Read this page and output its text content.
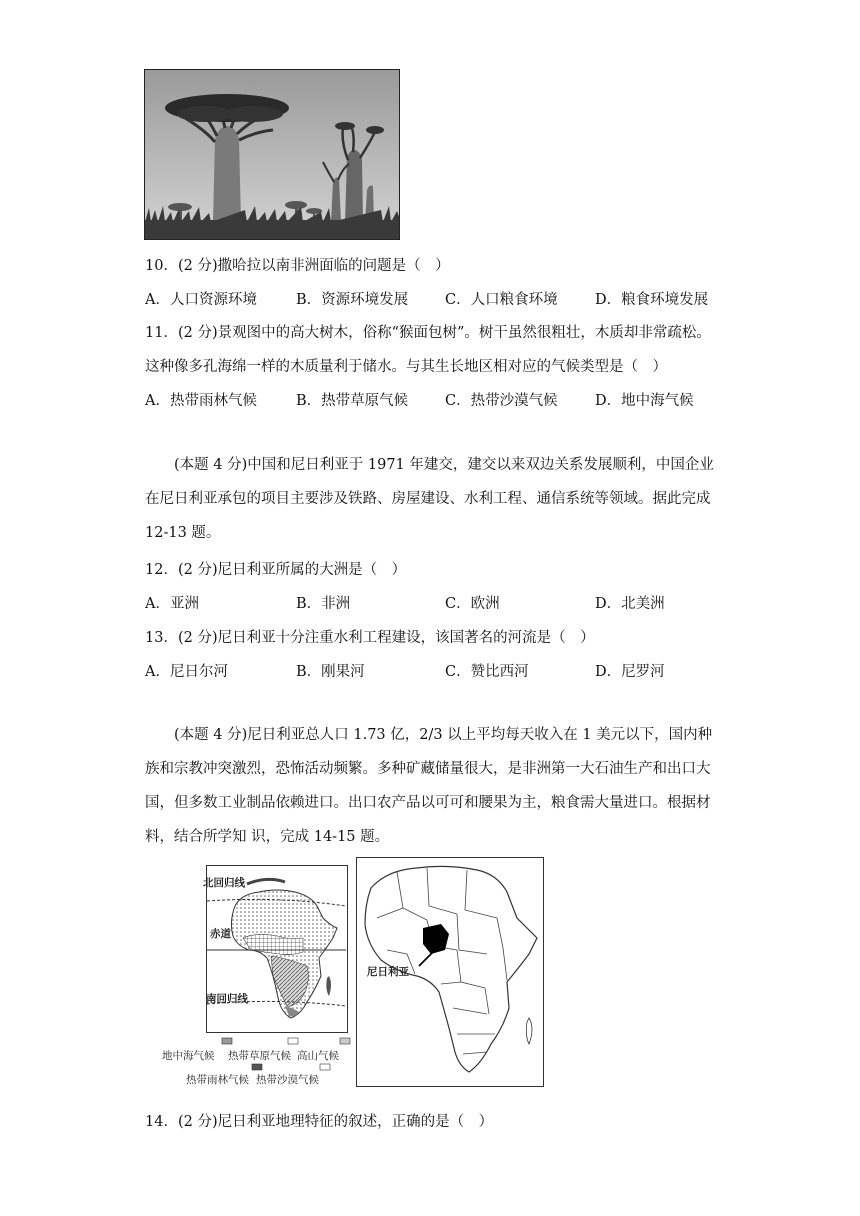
10．(2 分)撒哈拉以南非洲面临的问题是（　）
A．人口资源环境	B．资源环境发展	C．人口粮食环境	D．粮食环境发展
11．(2 分)景观图中的高大树木，俗称“猴面包树”。树干虽然很粗壮，木质却非常疏松。
这种像多孔海绵一样的木质量利于储水。与其生长地区相对应的气候类型是（　）
A．热带雨林气候	B．热带草原气候	C．热带沙漠气候	D．地中海气候
(本题 4 分)中国和尼日利亚于 1971 年建交，建交以来双边关系发展顺利，中国企业在尼日利亚承包的项目主要涉及铁路、房屋建设、水利工程、通信系统等领域。据此完成 12-13 题。
12．(2 分)尼日利亚所属的大洲是（　）
A．亚洲	B．非洲	C．欧洲	D．北美洲
13．(2 分)尼日利亚十分注重水利工程建设，该国著名的河流是（　）
A．尼日尔河	B．刚果河	C．赞比西河	D．尼罗河
(本题 4 分)尼日利亚总人口 1.73 亿，2/3 以上平均每天收入在 1 美元以下，国内种族和宗教冲突激烈，恐怖活动频繁。多种矿藏储量很大，是非洲第一大石油生产和出口大国，但多数工业制品依赖进口。出口农产品以可可和腰果为主，粮食需大量进口。根据材料，结合所学知 识，完成 14-15 题。
北回归线
赤道
南回归线
地中海气候 热带草原气候 高山气候
热带雨林气候 热带沙漠气候
尼日利亚
14．(2 分)尼日利亚地理特征的叙述，正确的是（　）
